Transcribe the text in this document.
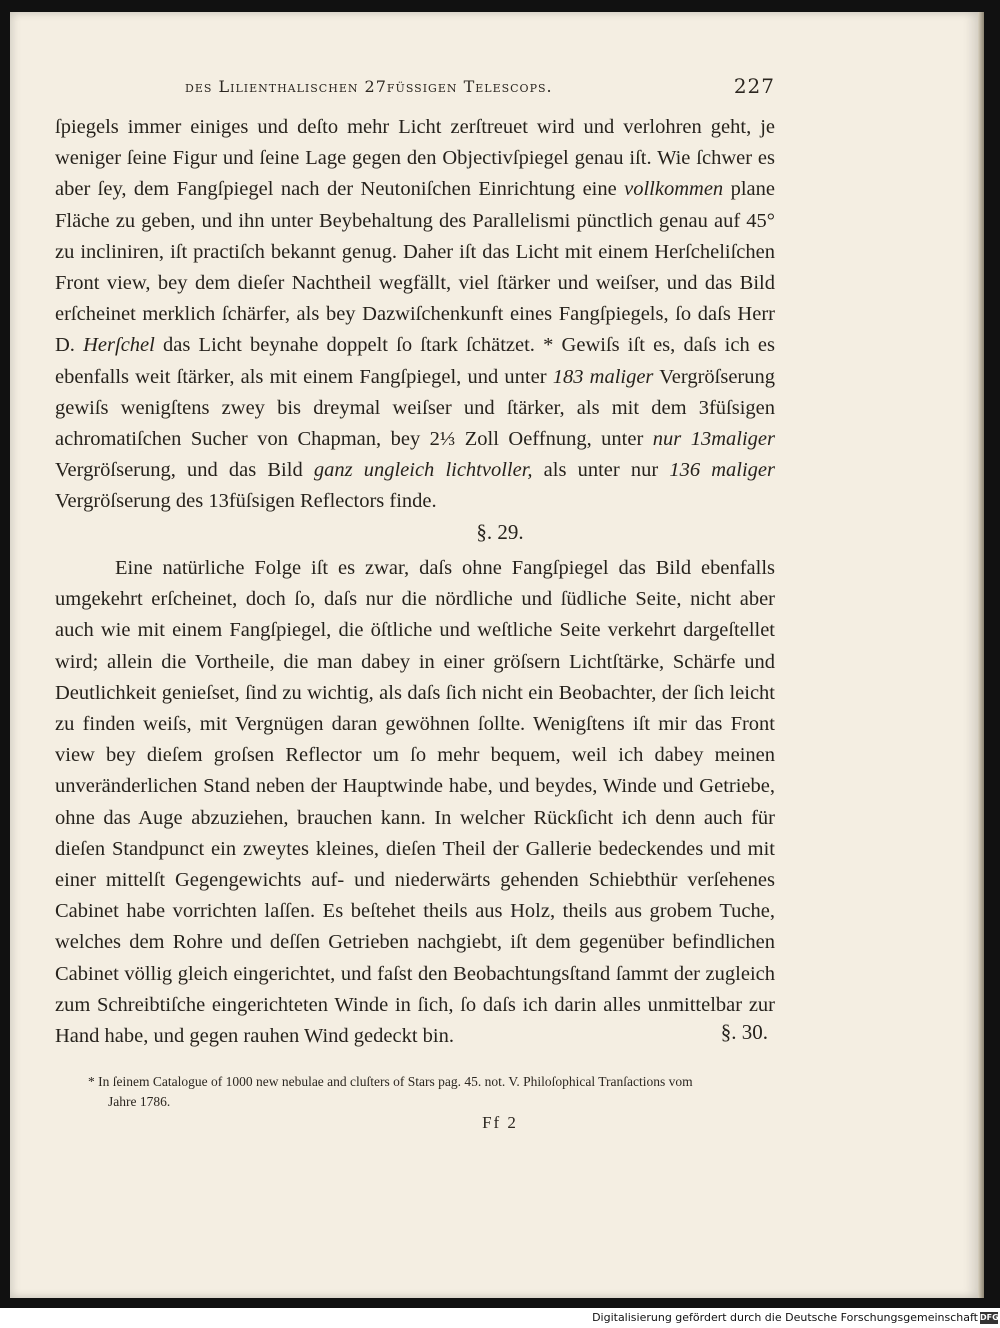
des Lilienthalischen 27füssigen Telescops.	227
ſpiegels immer einiges und deſto mehr Licht zerſtreuet wird und verlohren geht, je weniger ſeine Figur und ſeine Lage gegen den Objectivſpiegel genau iſt. Wie ſchwer es aber ſey, dem Fangſpiegel nach der Neutoniſchen Einrichtung eine vollkommen plane Fläche zu geben, und ihn unter Beybehaltung des Parallelismi pünctlich genau auf 45° zu incliniren, iſt practiſch bekannt genug. Daher iſt das Licht mit einem Herſcheliſchen Front view, bey dem dieſer Nachtheil wegfällt, viel ſtärker und weiſser, und das Bild erſcheinet merklich ſchärfer, als bey Dazwiſchenkunft eines Fangſpiegels, ſo daſs Herr D. Herſchel das Licht beynahe doppelt ſo ſtark ſchätzet. * Gewiſs iſt es, daſs ich es ebenfalls weit ſtärker, als mit einem Fangſpiegel, und unter 183 maliger Vergröſserung gewiſs wenigſtens zwey bis dreymal weiſser und ſtärker, als mit dem 3füſsigen achromatiſchen Sucher von Chapman, bey 2⅓ Zoll Oeffnung, unter nur 13maliger Vergröſserung, und das Bild ganz ungleich lichtvoller, als unter nur 136 maliger Vergröſserung des 13füſsigen Reflectors finde.
§. 29.
Eine natürliche Folge iſt es zwar, daſs ohne Fangſpiegel das Bild ebenfalls umgekehrt erſcheinet, doch ſo, daſs nur die nördliche und ſüdliche Seite, nicht aber auch wie mit einem Fangſpiegel, die öſtliche und weſtliche Seite verkehrt dargeſtellet wird; allein die Vortheile, die man dabey in einer gröſsern Lichtſtärke, Schärfe und Deutlichkeit genieſset, ſind zu wichtig, als daſs ſich nicht ein Beobachter, der ſich leicht zu finden weiſs, mit Vergnügen daran gewöhnen ſollte. Wenigſtens iſt mir das Front view bey dieſem groſsen Reflector um ſo mehr bequem, weil ich dabey meinen unveränderlichen Stand neben der Hauptwinde habe, und beydes, Winde und Getriebe, ohne das Auge abzuziehen, brauchen kann. In welcher Rückſicht ich denn auch für dieſen Standpunct ein zweytes kleines, dieſen Theil der Gallerie bedeckendes und mit einer mittelſt Gegengewichts auf- und niederwärts gehenden Schiebthür verſehenes Cabinet habe vorrichten laſſen. Es beſtehet theils aus Holz, theils aus grobem Tuche, welches dem Rohre und deſſen Getrieben nachgiebt, iſt dem gegenüber befindlichen Cabinet völlig gleich eingerichtet, und faſst den Beobachtungsſtand ſammt der zugleich zum Schreibtiſche eingerichteten Winde in ſich, ſo daſs ich darin alles unmittelbar zur Hand habe, und gegen rauhen Wind gedeckt bin.	§. 30.
* In ſeinem Catalogue of 1000 new nebulae and cluſters of Stars pag. 45. not. V. Philoſophical Tranſactions vom
Jahre 1786.
Ff 2
Digitalisierung gefördert durch die Deutsche Forschungsgemeinschaft DFG
